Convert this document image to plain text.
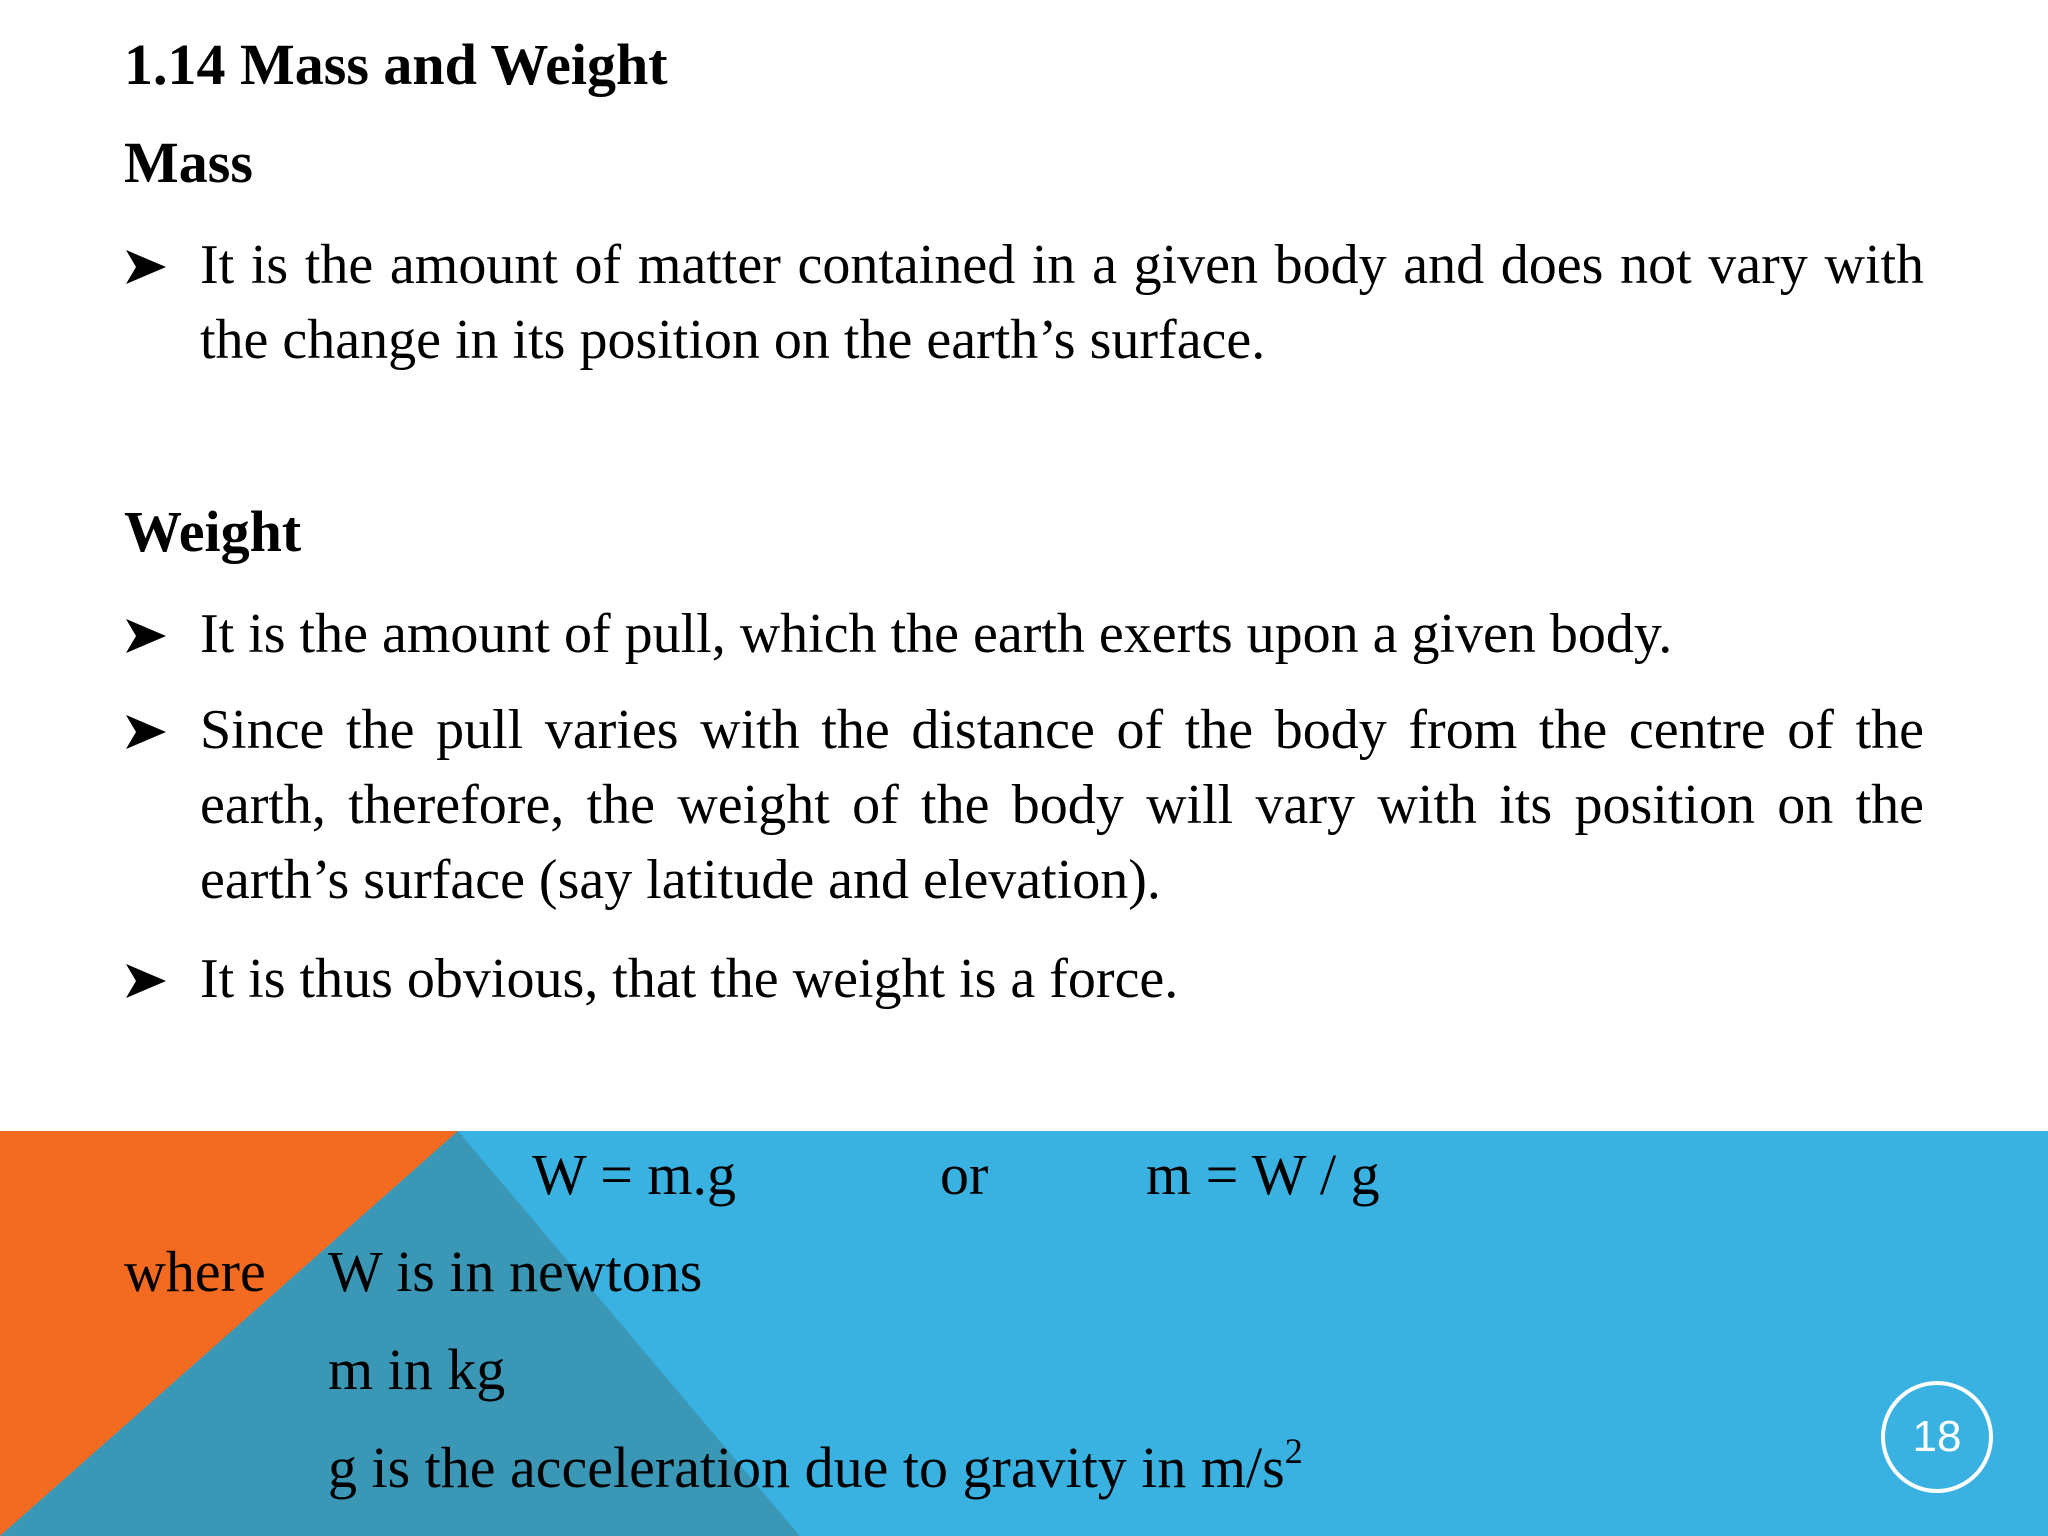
1.14 Mass and Weight
Mass
It is the amount of matter contained in a given body and does not vary with the change in its position on the earth’s surface.
Weight
It is the amount of pull, which the earth exerts upon a given body.
Since the pull varies with the distance of the body from the centre of the earth, therefore, the weight of the body will vary with its position on the earth’s surface (say latitude and elevation).
It is thus obvious, that the weight is a force.
W = m.g	or	m = W / g
where W is in newtons
m in kg
g is the acceleration due to gravity in $m/s^2$	18
